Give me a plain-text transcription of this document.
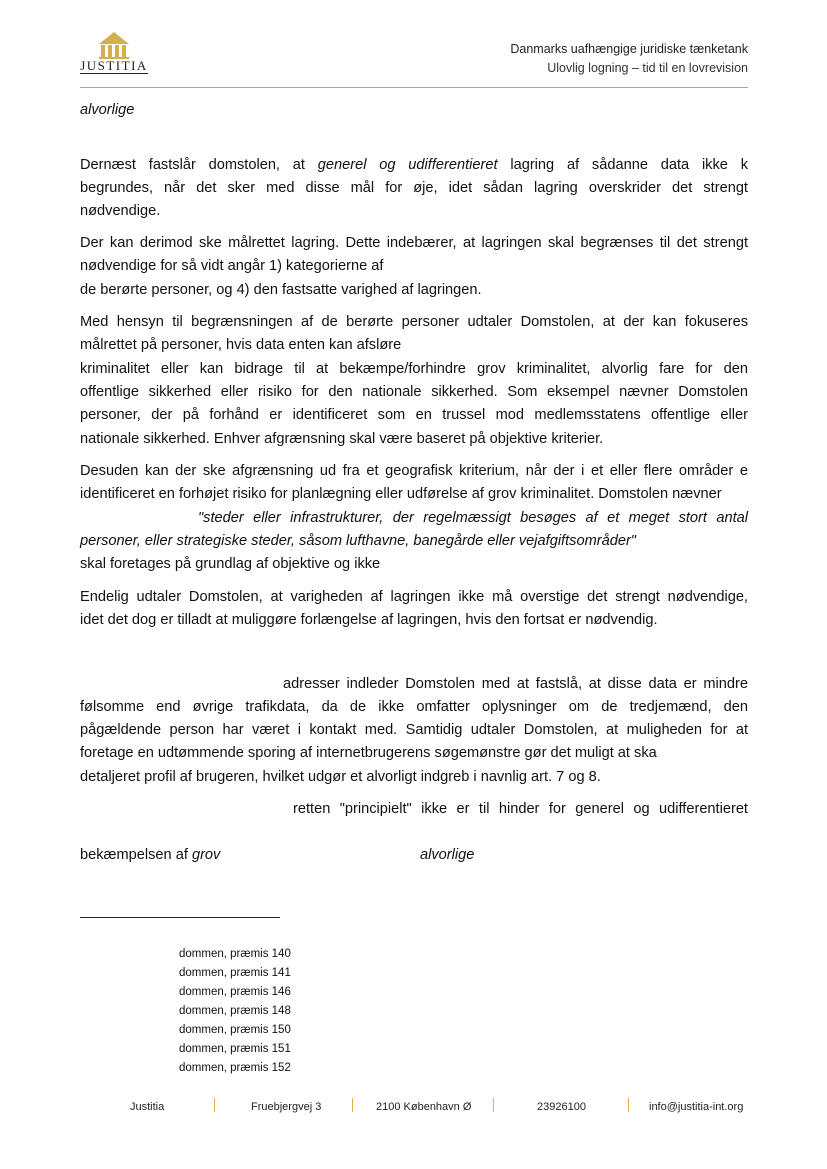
JUSTITIA
Danmarks uafhængige juridiske tænketank
Ulovlig logning – tid til en lovrevision
alvorlige
Dernæst fastslår domstolen, at generel og udifferentieret lagring af sådanne data ikke k
begrundes, når det sker med disse mål for øje, idet sådan lagring overskrider det strengt
nødvendige.
Der kan derimod ske målrettet lagring. Dette indebærer, at lagringen skal begrænses til det strengt
nødvendige for så vidt angår 1) kategorierne af
de berørte personer, og 4) den fastsatte varighed af lagringen.
Med hensyn til begrænsningen af de berørte personer udtaler Domstolen, at der kan fokuseres
målrettet på personer, hvis data enten kan afsløre
kriminalitet eller kan bidrage til at bekæmpe/forhindre grov kriminalitet, alvorlig fare for den
offentlige sikkerhed eller risiko for den nationale sikkerhed. Som eksempel nævner Domstolen
personer, der på forhånd er identificeret som en trussel mod medlemsstatens offentlige eller
nationale sikkerhed. Enhver afgrænsning skal være baseret på objektive kriterier.
Desuden kan der ske afgrænsning ud fra et geografisk kriterium, når der i et eller flere områder e
identificeret en forhøjet risiko for planlægning eller udførelse af grov kriminalitet. Domstolen nævner
"steder eller infrastrukturer, der regelmæssigt besøges af et meget stort antal
personer, eller strategiske steder, såsom lufthavne, banegårde eller vejafgiftsområder"
skal foretages på grundlag af objektive og ikke
Endelig udtaler Domstolen, at varigheden af lagringen ikke må overstige det strengt nødvendige,
idet det dog er tilladt at muliggøre forlængelse af lagringen, hvis den fortsat er nødvendig.
adresser indleder Domstolen med at fastslå, at disse data er mindre
følsomme end øvrige trafikdata, da de ikke omfatter oplysninger om de tredjemænd, den
pågældende person har været i kontakt med. Samtidig udtaler Domstolen, at muligheden for at
foretage en udtømmende sporing af internetbrugerens søgemønstre gør det muligt at ska
detaljeret profil af brugeren, hvilket udgør et alvorligt indgreb i navnlig art. 7 og 8.
retten "principielt" ikke er til hinder for generel og udifferentieret
bekæmpelsen af grov	alvorlige
dommen, præmis 140
dommen, præmis 141
dommen, præmis 146
dommen, præmis 148
dommen, præmis 150
dommen, præmis 151
dommen, præmis 152
Justitia	Fruebjergvej 3	2100 København Ø	23926100	info@justitia-int.org
